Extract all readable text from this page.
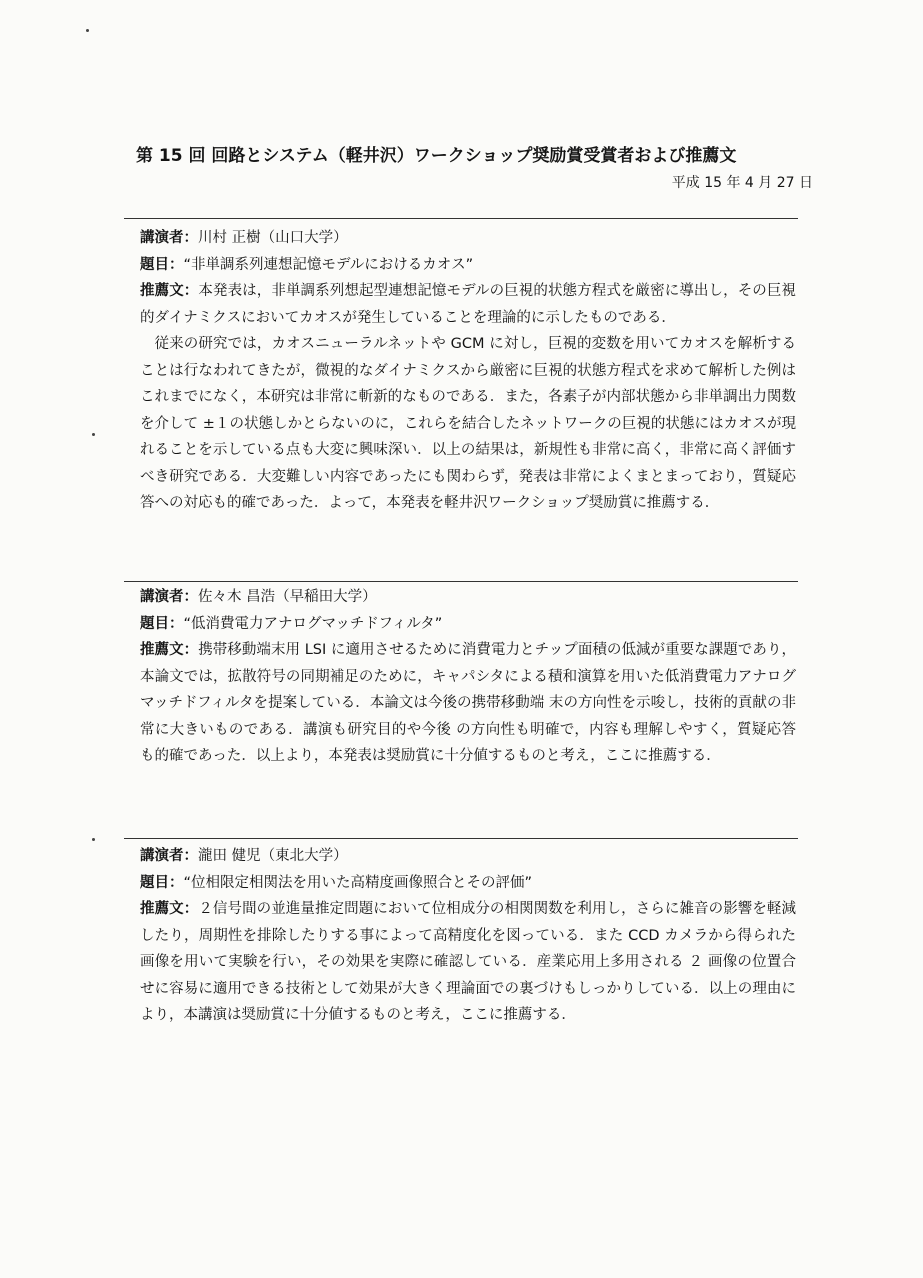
第 15 回 回路とシステム（軽井沢）ワークショップ奨励賞受賞者および推薦文
平成 15 年 4 月 27 日
講演者：川村 正樹（山口大学）
題目：“非単調系列連想記憶モデルにおけるカオス”

推薦文：本発表は，非単調系列想起型連想記憶モデルの巨視的状態方程式を厳密に導出し，その巨視的ダイナミクスにおいてカオスが発生していることを理論的に示したものである．

従来の研究では，カオスニューラルネットや GCM に対し，巨視的変数を用いてカオスを解析することは行なわれてきたが，微視的なダイナミクスから厳密に巨視的状態方程式を求めて解析した例はこれまでになく，本研究は非常に斬新的なものである．また，各素子が内部状態から非単調出力関数を介して ±１の状態しかとらないのに，これらを結合したネットワークの巨視的状態にはカオスが現れることを示している点も大変に興味深い．以上の結果は，新規性も非常に高く，非常に高く評価すべき研究である．大変難しい内容であったにも関わらず，発表は非常によくまとまっており，質疑応答への対応も的確であった．よって，本発表を軽井沢ワークショップ奨励賞に推薦する．

講演者：佐々木 昌浩（早稲田大学）
題目：“低消費電力アナログマッチドフィルタ”

推薦文：携帯移動端末用 LSI に適用させるために消費電力とチップ面積の低減が重要な課題であり，本論文では，拡散符号の同期補足のために，キャパシタによる積和演算を用いた低消費電力アナログマッチドフィルタを提案している．本論文は今後の携帯移動端 末の方向性を示唆し，技術的貢献の非常に大きいものである．講演も研究目的や今後 の方向性も明確で，内容も理解しやすく，質疑応答も的確であった．以上より，本発表は奨励賞に十分値するものと考え，ここに推薦する．

講演者：瀧田 健児（東北大学）
題目：“位相限定相関法を用いた高精度画像照合とその評価”

推薦文：２信号間の並進量推定問題において位相成分の相関関数を利用し，さらに雑音の影響を軽減したり，周期性を排除したりする事によって高精度化を図っている．また CCD カメラから得られた画像を用いて実験を行い，その効果を実際に確認している．産業応用上多用される ２ 画像の位置合せに容易に適用できる技術として効果が大きく理論面での裏づけもしっかりしている．以上の理由により，本講演は奨励賞に十分値するものと考え，ここに推薦する．
